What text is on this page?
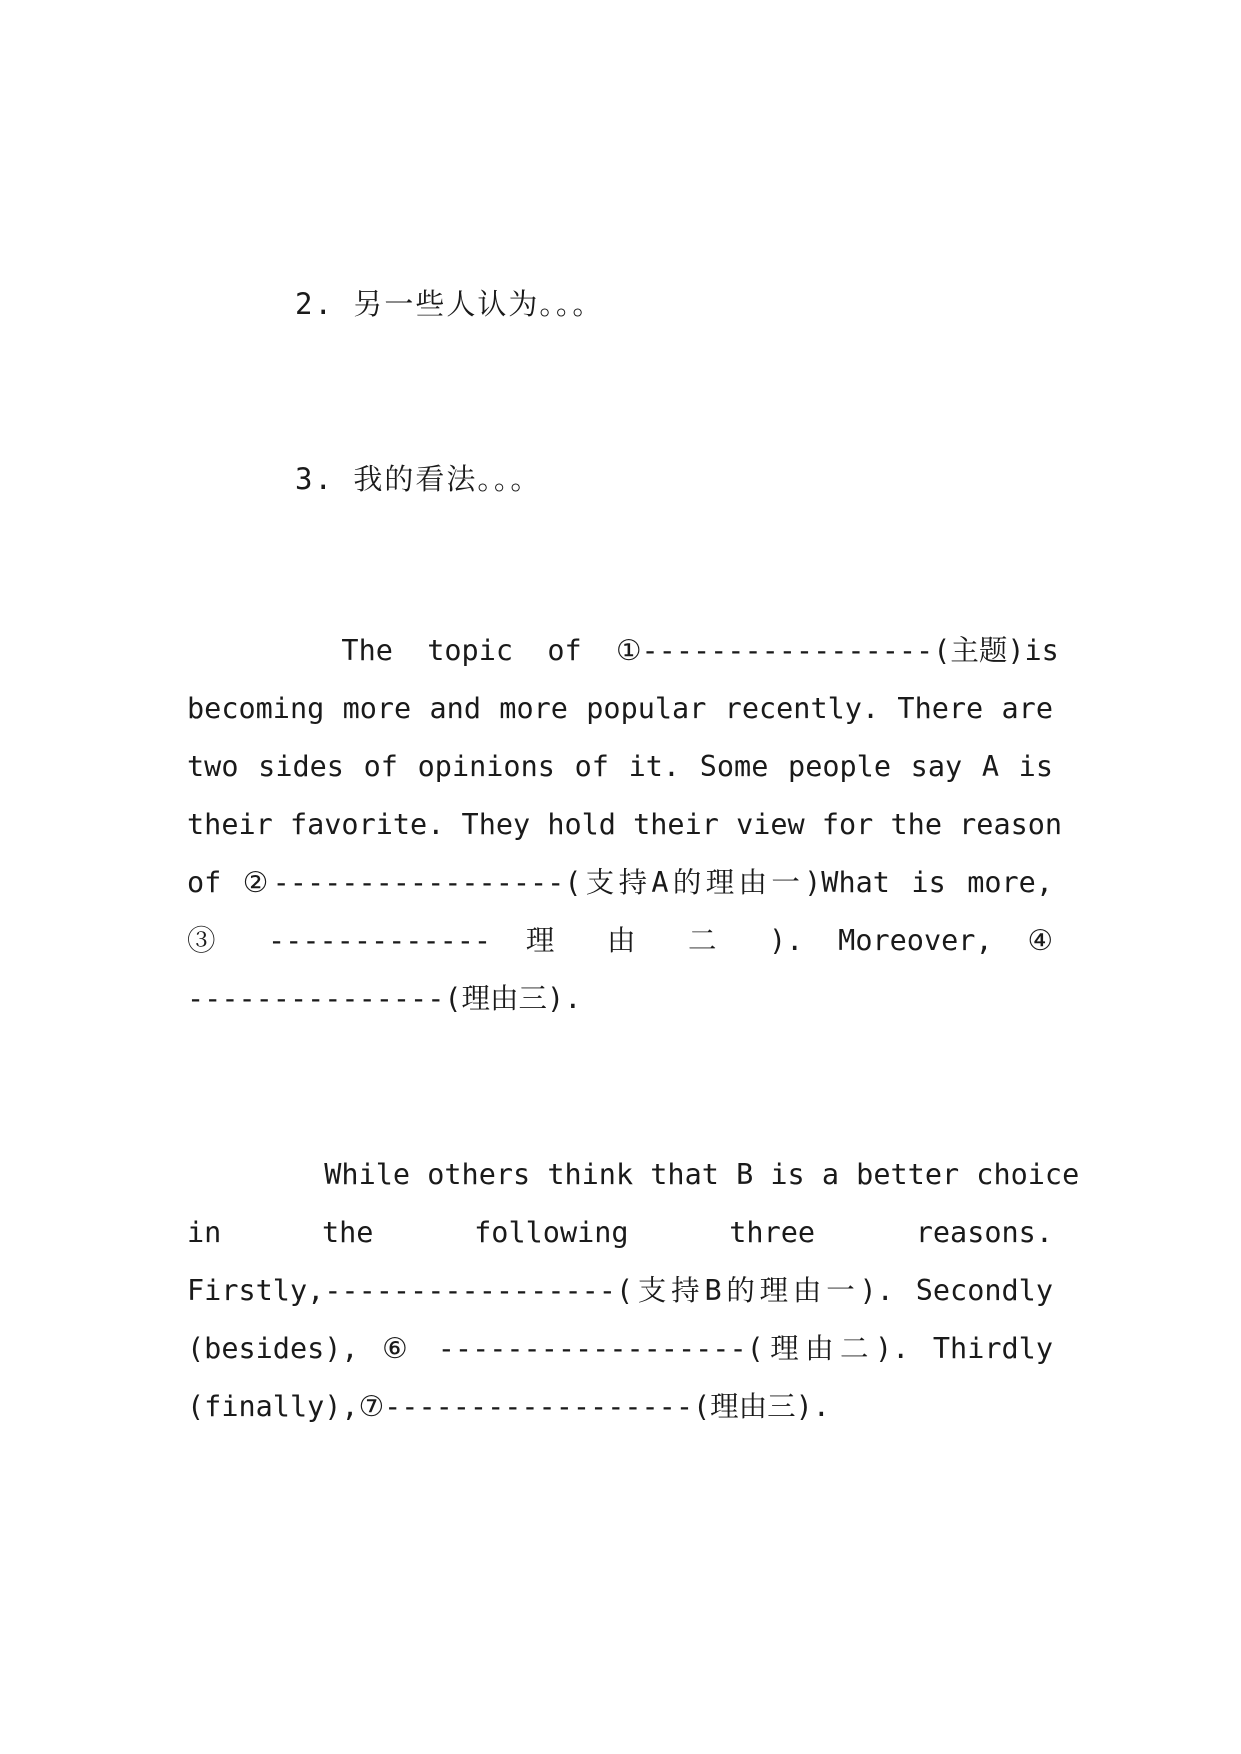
2. 另一些人认为。。。
3. 我的看法。。。
The  topic  of  ①-----------------(主题)is
becoming more and more popular recently. There are
two sides of opinions of it. Some people say A is
their favorite. They hold their view for the reason
of ②-----------------(支持A的理由一)What is more,
③ ------------- 理 由 二 ). Moreover, ④
---------------(理由三).
While others think that B is a better choice
in the following three reasons.
Firstly,-----------------(支持B的理由一). Secondly
(besides), ⑥ ------------------(理由二). Thirdly
(finally),⑦------------------(理由三).
